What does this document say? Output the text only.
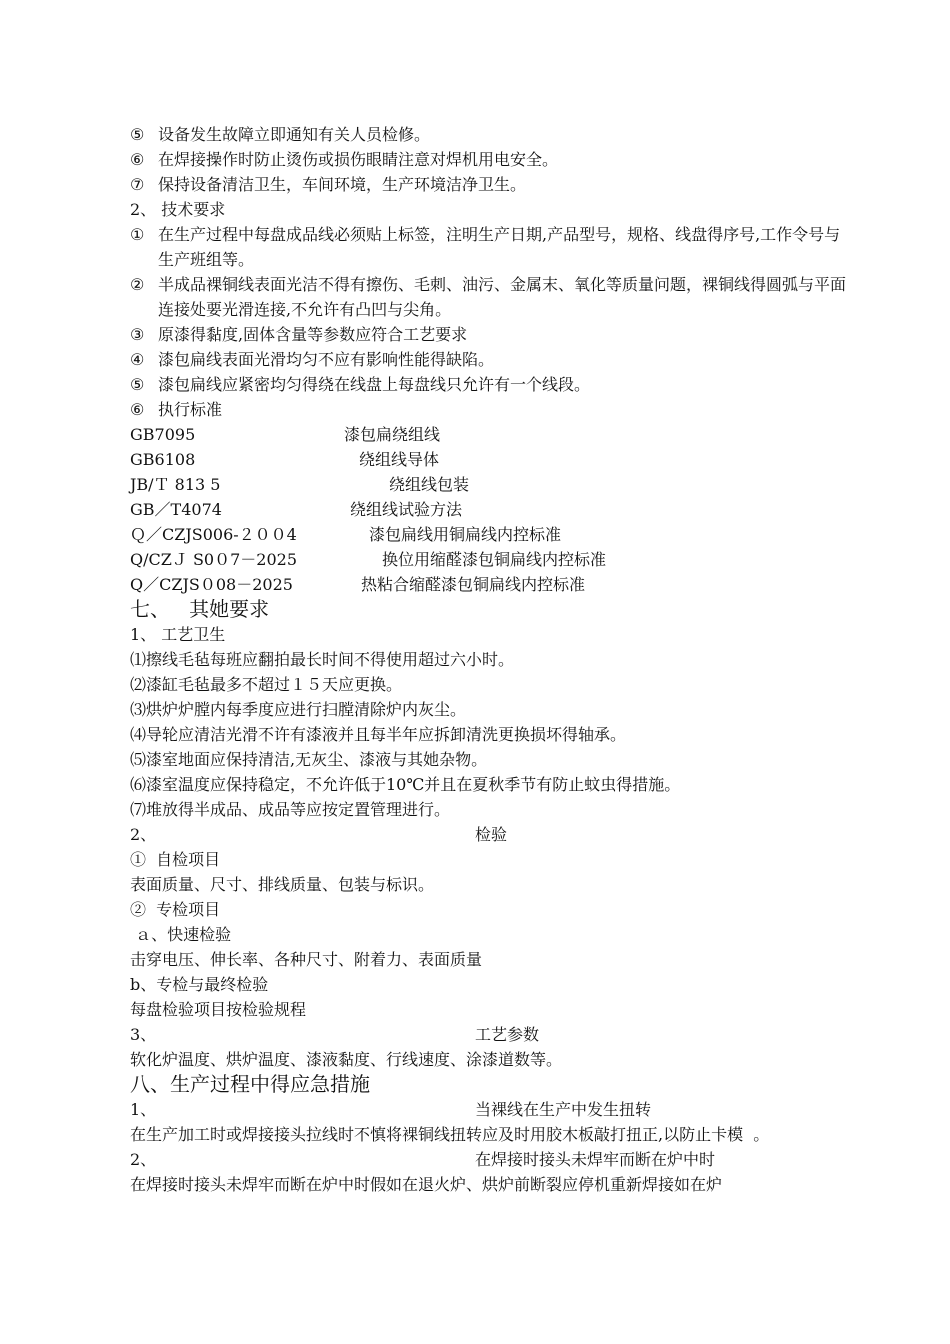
⑤ 设备发生故障立即通知有关人员检修。
⑥ 在焊接操作时防止烫伤或损伤眼睛注意对焊机用电安全。
⑦ 保持设备清洁卫生，车间环境，生产环境洁净卫生。
2、 技术要求
① 在生产过程中每盘成品线必须贴上标签，注明生产日期,产品型号，规格、线盘得序号,工作令号与生产班组等。
② 半成品裸铜线表面光洁不得有擦伤、毛刺、油污、金属末、氧化等质量问题，裸铜线得圆弧与平面连接处要光滑连接,不允许有凸凹与尖角。
③ 原漆得黏度,固体含量等参数应符合工艺要求
④ 漆包扁线表面光滑均匀不应有影响性能得缺陷。
⑤ 漆包扁线应紧密均匀得绕在线盘上每盘线只允许有一个线段。
⑥ 执行标准
GB7095	漆包扁绕组线
GB6108	绕组线导体
JB/Ｔ 813 5	绕组线包装
GB／T4074	绕组线试验方法
Ｑ／CZJS006-２００4	漆包扁线用铜扁线内控标准
Q/CZＪ S0０7－2025	换位用缩醛漆包铜扁线内控标准
Q／CZJS０08－2025	热粘合缩醛漆包铜扁线内控标准
七、   其她要求
1、 工艺卫生
⑴擦线毛毡每班应翻拍最长时间不得使用超过六小时。
⑵漆缸毛毡最多不超过１５天应更换。
⑶烘炉炉膛内每季度应进行扫膛清除炉内灰尘。
⑷导轮应清洁光滑不许有漆液并且每半年应拆卸清洗更换损坏得轴承。
⑸漆室地面应保持清洁,无灰尘、漆液与其她杂物。
⑹漆室温度应保持稳定，不允许低于10℃并且在夏秋季节有防止蚊虫得措施。
⑺堆放得半成品、成品等应按定置管理进行。
2、	检验
①  自检项目
表面质量、尺寸、排线质量、包装与标识。
②  专检项目
ａ、快速检验
击穿电压、伸长率、各种尺寸、附着力、表面质量
b、专检与最终检验
每盘检验项目按检验规程
3、	工艺参数
软化炉温度、烘炉温度、漆液黏度、行线速度、涂漆道数等。
八、生产过程中得应急措施
1、	当裸线在生产中发生扭转
在生产加工时或焊接接头拉线时不慎将裸铜线扭转应及时用胶木板敲打扭正,以防止卡模  。
2、	在焊接时接头未焊牢而断在炉中时
在焊接时接头未焊牢而断在炉中时假如在退火炉、烘炉前断裂应停机重新焊接如在炉
